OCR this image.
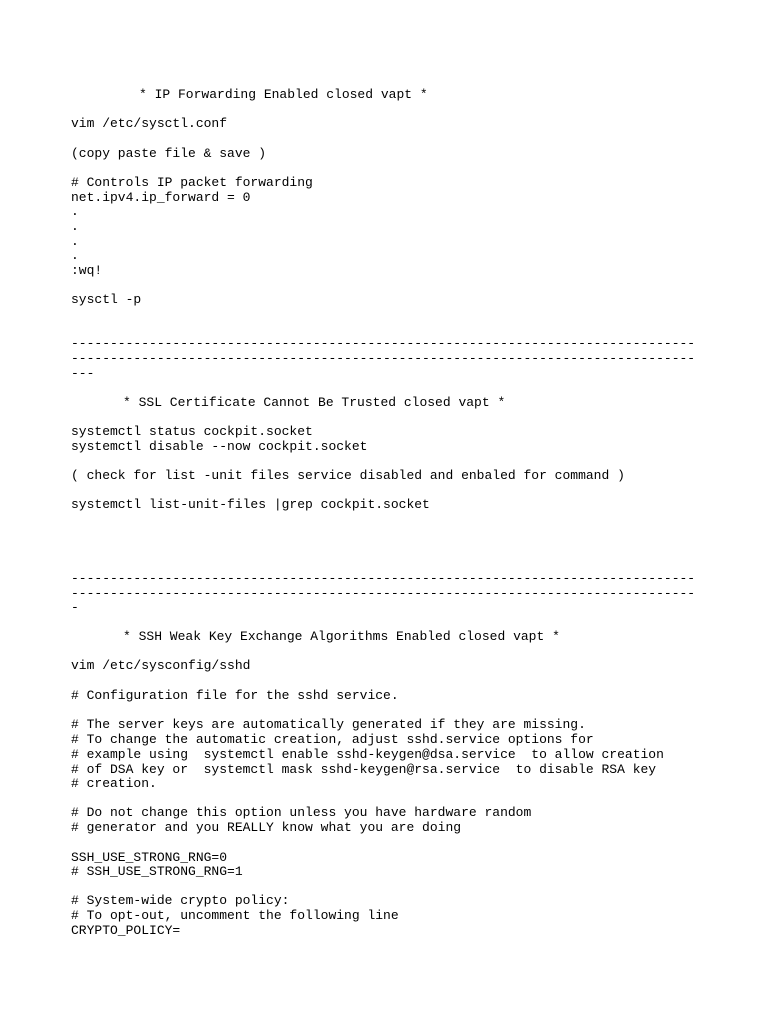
* IP Forwarding Enabled closed vapt *

vim /etc/sysctl.conf

(copy paste file & save )

# Controls IP packet forwarding

net.ipv4.ip_forward = 0

.

.

.

.

:wq!

sysctl -p

--------------------------------------------------------------------------------

--------------------------------------------------------------------------------

---

* SSL Certificate Cannot Be Trusted closed vapt *

systemctl status cockpit.socket

systemctl disable --now cockpit.socket

( check for list -unit files service disabled and enbaled for command )

systemctl list-unit-files |grep cockpit.socket

--------------------------------------------------------------------------------

--------------------------------------------------------------------------------

-

* SSH Weak Key Exchange Algorithms Enabled closed vapt *

vim /etc/sysconfig/sshd

# Configuration file for the sshd service.

# The server keys are automatically generated if they are missing.

# To change the automatic creation, adjust sshd.service options for

# example using  systemctl enable sshd-keygen@dsa.service  to allow creation

# of DSA key or  systemctl mask sshd-keygen@rsa.service  to disable RSA key

# creation.

# Do not change this option unless you have hardware random

# generator and you REALLY know what you are doing

SSH_USE_STRONG_RNG=0

# SSH_USE_STRONG_RNG=1

# System-wide crypto policy:

# To opt-out, uncomment the following line

CRYPTO_POLICY=
